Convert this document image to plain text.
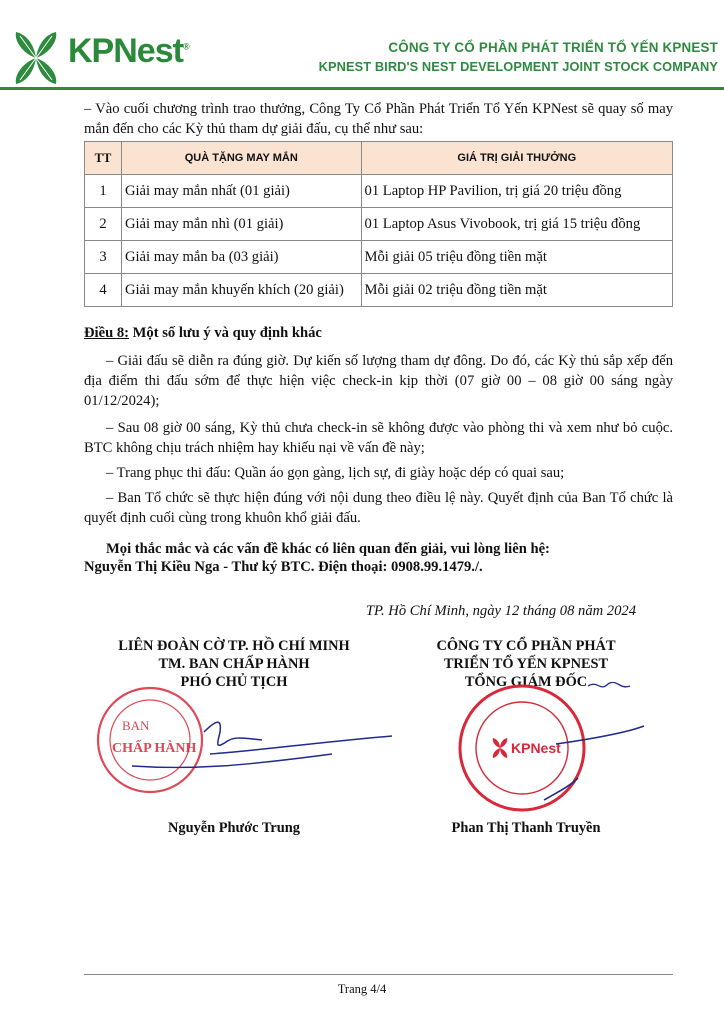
KPNest®	CÔNG TY CỔ PHẦN PHÁT TRIỂN TỔ YẾN KPNEST
KPNEST BIRD'S NEST DEVELOPMENT JOINT STOCK COMPANY
– Vào cuối chương trình trao thưởng, Công Ty Cổ Phần Phát Triển Tổ Yến KPNest sẽ quay số may mắn đến cho các Kỳ thủ tham dự giải đấu, cụ thể như sau:
TT	QUÀ TẶNG MAY MẮN	GIÁ TRỊ GIẢI THƯỞNG
1	Giải may mắn nhất (01 giải)	01 Laptop HP Pavilion, trị giá 20 triệu đồng
2	Giải may mắn nhì (01 giải)	01 Laptop Asus Vivobook, trị giá 15 triệu đồng
3	Giải may mắn ba (03 giải)	Mỗi giải 05 triệu đồng tiền mặt
4	Giải may mắn khuyến khích (20 giải)	Mỗi giải 02 triệu đồng tiền mặt
Điều 8: Một số lưu ý và quy định khác
– Giải đấu sẽ diễn ra đúng giờ. Dự kiến số lượng tham dự đông. Do đó, các Kỳ thủ sắp xếp đến địa điểm thi đấu sớm để thực hiện việc check-in kịp thời (07 giờ 00 – 08 giờ 00 sáng ngày 01/12/2024);
– Sau 08 giờ 00 sáng, Kỳ thủ chưa check-in sẽ không được vào phòng thi và xem như bỏ cuộc. BTC không chịu trách nhiệm hay khiếu nại về vấn đề này;
– Trang phục thi đấu: Quần áo gọn gàng, lịch sự, đi giày hoặc dép có quai sau;
– Ban Tổ chức sẽ thực hiện đúng với nội dung theo điều lệ này. Quyết định của Ban Tổ chức là quyết định cuối cùng trong khuôn khổ giải đấu.
Mọi thắc mắc và các vấn đề khác có liên quan đến giải, vui lòng liên hệ:
Nguyễn Thị Kiều Nga - Thư ký BTC. Điện thoại: 0908.99.1479./.
TP. Hồ Chí Minh, ngày 12 tháng 08 năm 2024
LIÊN ĐOÀN CỜ TP. HỒ CHÍ MINH
TM. BAN CHẤP HÀNH
PHÓ CHỦ TỊCH
CÔNG TY CỔ PHẦN PHÁT
TRIỂN TỔ YẾN KPNEST
TỔNG GIÁM ĐỐC
BAN
CHẤP HÀNH	KPNest
Nguyễn Phước Trung	Phan Thị Thanh Truyền
Trang 4/4
